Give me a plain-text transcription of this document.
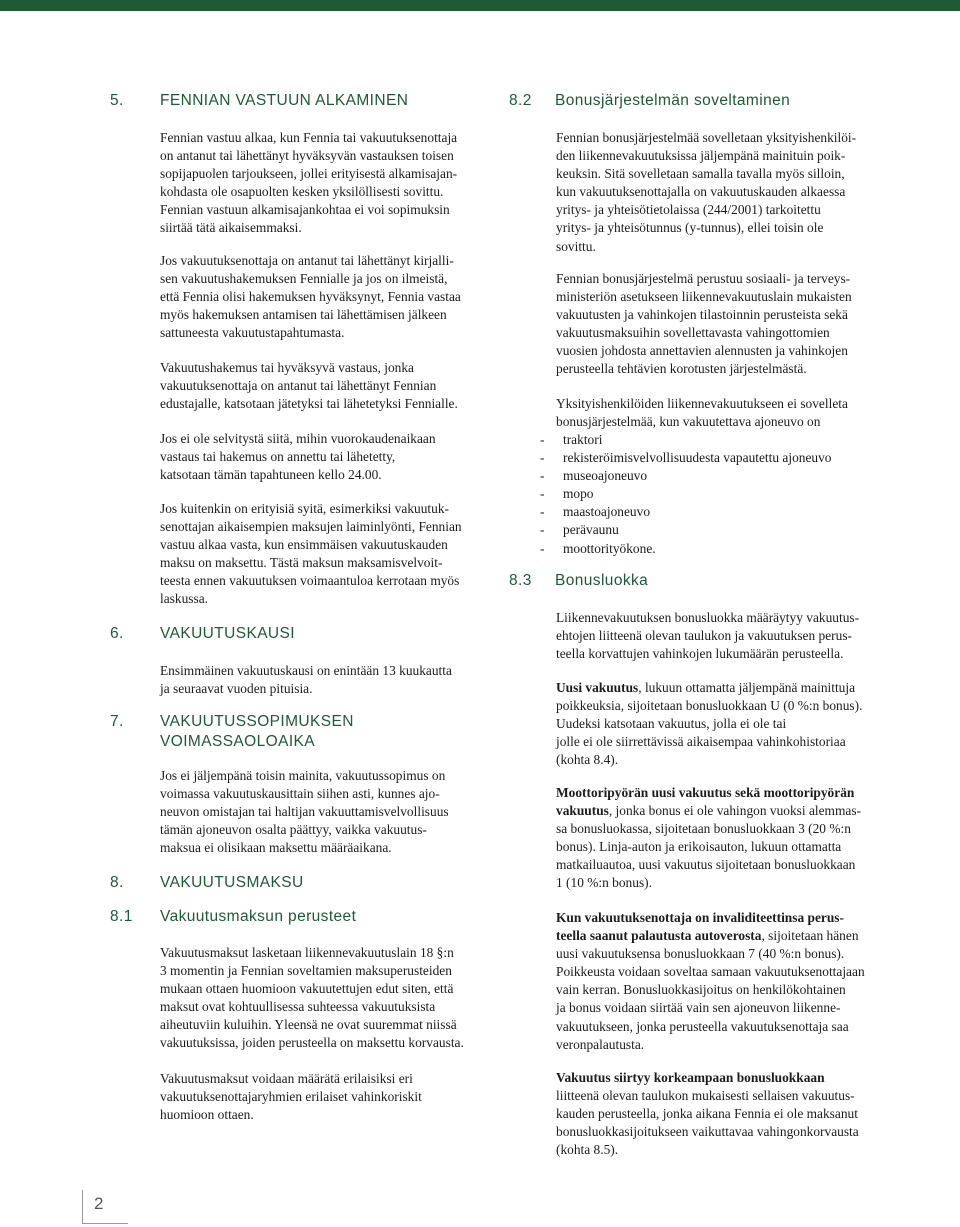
5. FENNIAN VASTUUN ALKAMINEN
Fennian vastuu alkaa, kun Fennia tai vakuutuksenottaja
on antanut tai lähettänyt hyväksyvän vastauksen toisen
sopijapuolen tarjoukseen, jollei erityisestä alkamisajan-
kohdasta ole osapuolten kesken yksilöllisesti sovittu.
Fennian vastuun alkamisajankohtaa ei voi sopimuksin
siirtää tätä aikaisemmaksi.
Jos vakuutuksenottaja on antanut tai lähettänyt kirjalli-
sen vakuutushakemuksen Fennialle ja jos on ilmeistä,
että Fennia olisi hakemuksen hyväksynyt, Fennia vastaa
myös hakemuksen antamisen tai lähettämisen jälkeen
sattuneesta vakuutustapahtumasta.
Vakuutushakemus tai hyväksyvä vastaus, jonka
vakuutuksenottaja on antanut tai lähettänyt Fennian
edustajalle, katsotaan jätetyksi tai lähetetyksi Fennialle.
Jos ei ole selvitystä siitä, mihin vuorokaudenaikaan
vastaus tai hakemus on annettu tai lähetetty,
katsotaan tämän tapahtuneen kello 24.00.
Jos kuitenkin on erityisiä syitä, esimerkiksi vakuutuk-
senottajan aikaisempien maksujen laiminlyönti, Fennian
vastuu alkaa vasta, kun ensimmäisen vakuutuskauden
maksu on maksettu. Tästä maksun maksamisvelvoit-
teesta ennen vakuutuksen voimaantuloa kerrotaan myös
laskussa.
6. VAKUUTUSKAUSI
Ensimmäinen vakuutuskausi on enintään 13 kuukautta
ja seuraavat vuoden pituisia.
7. VAKUUTUSSOPIMUKSEN
VOIMASSAOLOAIKA
Jos ei jäljempänä toisin mainita, vakuutussopimus on
voimassa vakuutuskausittain siihen asti, kunnes ajo-
neuvon omistajan tai haltijan vakuuttamisvelvollisuus
tämän ajoneuvon osalta päättyy, vaikka vakuutus-
maksua ei olisikaan maksettu määräaikana.
8. VAKUUTUSMAKSU
8.1 Vakuutusmaksun perusteet
Vakuutusmaksut lasketaan liikennevakuutuslain 18 §:n
3 momentin ja Fennian soveltamien maksuperusteiden
mukaan ottaen huomioon vakuutettujen edut siten, että
maksut ovat kohtuullisessa suhteessa vakuutuksista
aiheutuviin kuluihin. Yleensä ne ovat suuremmat niissä
vakuutuksissa, joiden perusteella on maksettu korvausta.
Vakuutusmaksut voidaan määrätä erilaisiksi eri
vakuutuksenottajaryhmien erilaiset vahinkoriskit
huomioon ottaen.
8.2 Bonusjärjestelmän soveltaminen
Fennian bonusjärjestelmää sovelletaan yksityishenkilöi-
den liikennevakuutuksissa jäljempänä mainituin poik-
keuksin. Sitä sovelletaan samalla tavalla myös silloin,
kun vakuutuksenottajalla on vakuutuskauden alkaessa
yritys- ja yhteisötietolaissa (244/2001) tarkoitettu
yritys- ja yhteisötunnus (y-tunnus), ellei toisin ole
sovittu.
Fennian bonusjärjestelmä perustuu sosiaali- ja terveys-
ministeriön asetukseen liikennevakuutuslain mukaisten
vakuutusten ja vahinkojen tilastoinnin perusteista sekä
vakuutusmaksuihin sovellettavasta vahingottomien
vuosien johdosta annettavien alennusten ja vahinkojen
perusteella tehtävien korotusten järjestelmästä.
Yksityishenkilöiden liikennevakuutukseen ei sovelleta
bonusjärjestelmää, kun vakuutettava ajoneuvo on
- traktori
- rekisteröimisvelvollisuudesta vapautettu ajoneuvo
- museoajoneuvo
- mopo
- maastoajoneuvo
- perävaunu
- moottorityökone.
8.3 Bonusluokka
Liikennevakuutuksen bonusluokka määräytyy vakuutus-
ehtojen liitteenä olevan taulukon ja vakuutuksen perus-
teella korvattujen vahinkojen lukumäärän perusteella.
Uusi vakuutus, lukuun ottamatta jäljempänä mainittuja
poikkeuksia, sijoitetaan bonusluokkaan U (0 %:n bonus).
Uudeksi katsotaan vakuutus, jolla ei ole tai
jolle ei ole siirrettävissä aikaisempaa vahinkohistoriaa
(kohta 8.4).
Moottoripyörän uusi vakuutus sekä moottoripyörän
vakuutus, jonka bonus ei ole vahingon vuoksi alemmas-
sa bonusluokassa, sijoitetaan bonusluokkaan 3 (20 %:n
bonus). Linja-auton ja erikoisauton, lukuun ottamatta
matkailuautoa, uusi vakuutus sijoitetaan bonusluokkaan
1 (10 %:n bonus).
Kun vakuutuksenottaja on invaliditeettinsa perus-
teella saanut palautusta autoverosta, sijoitetaan hänen
uusi vakuutuksensa bonusluokkaan 7 (40 %:n bonus).
Poikkeusta voidaan soveltaa samaan vakuutuksenottajaan
vain kerran. Bonusluokkasijoitus on henkilökohtainen
ja bonus voidaan siirtää vain sen ajoneuvon liikenne-
vakuutukseen, jonka perusteella vakuutuksenottaja saa
veronpalautusta.
Vakuutus siirtyy korkeampaan bonusluokkaan
liitteenä olevan taulukon mukaisesti sellaisen vakuutus-
kauden perusteella, jonka aikana Fennia ei ole maksanut
bonusluokkasijoitukseen vaikuttavaa vahingonkorvausta
(kohta 8.5).
2
